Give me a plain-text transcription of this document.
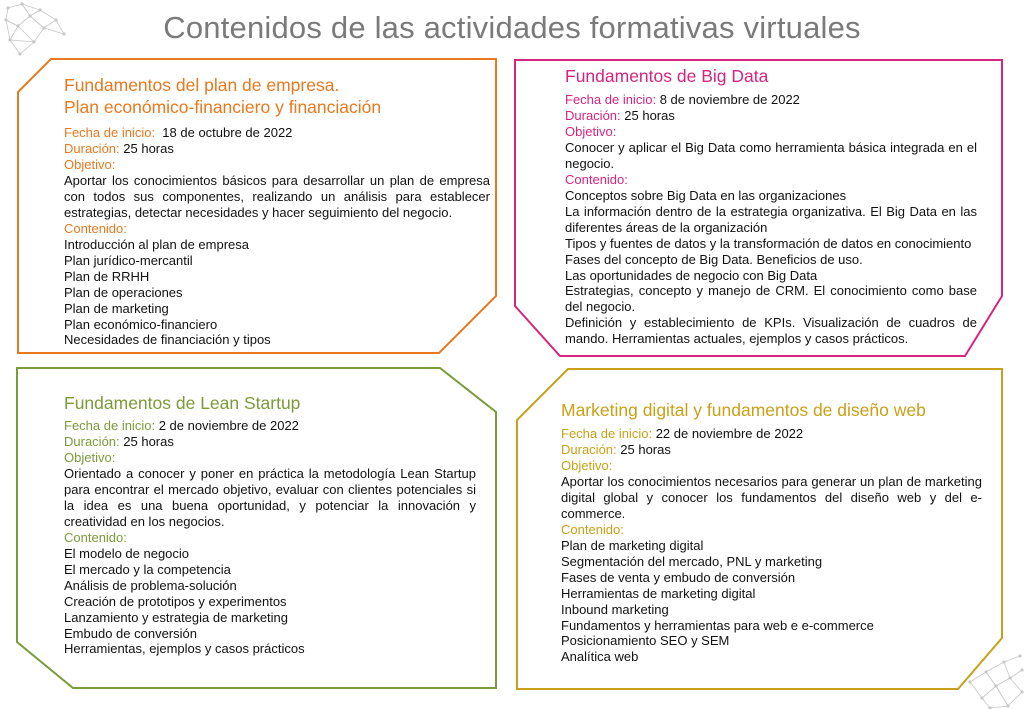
Contenidos de las actividades formativas virtuales
Fundamentos del plan de empresa.
Plan económico-financiero y financiación
Fecha de inicio: 18 de octubre de 2022
Duración: 25 horas
Objetivo:
Aportar los conocimientos básicos para desarrollar un plan de empresa con todos sus componentes, realizando un análisis para establecer estrategias, detectar necesidades y hacer seguimiento del negocio.
Contenido:
Introducción al plan de empresa
Plan jurídico-mercantil
Plan de RRHH
Plan de operaciones
Plan de marketing
Plan económico-financiero
Necesidades de financiación y tipos
Fundamentos de Big Data
Fecha de inicio: 8 de noviembre de 2022
Duración: 25 horas
Objetivo:
Conocer y aplicar el Big Data como herramienta básica integrada en el negocio.
Contenido:
Conceptos sobre Big Data en las organizaciones
La información dentro de la estrategia organizativa. El Big Data en las diferentes áreas de la organización
Tipos y fuentes de datos y la transformación de datos en conocimiento
Fases del concepto de Big Data. Beneficios de uso.
Las oportunidades de negocio con Big Data
Estrategias, concepto y manejo de CRM. El conocimiento como base del negocio.
Definición y establecimiento de KPIs. Visualización de cuadros de mando. Herramientas actuales, ejemplos y casos prácticos.
Fundamentos de Lean Startup
Fecha de inicio: 2 de noviembre de 2022
Duración: 25 horas
Objetivo:
Orientado a conocer y poner en práctica la metodología Lean Startup para encontrar el mercado objetivo, evaluar con clientes potenciales si la idea es una buena oportunidad, y potenciar la innovación y creatividad en los negocios.
Contenido:
El modelo de negocio
El mercado y la competencia
Análisis de problema-solución
Creación de prototipos y experimentos
Lanzamiento y estrategia de marketing
Embudo de conversión
Herramientas, ejemplos y casos prácticos
Marketing digital y fundamentos de diseño web
Fecha de inicio: 22 de noviembre de 2022
Duración: 25 horas
Objetivo:
Aportar los conocimientos necesarios para generar un plan de marketing digital global y conocer los fundamentos del diseño web y del e-commerce.
Contenido:
Plan de marketing digital
Segmentación del mercado, PNL y marketing
Fases de venta y embudo de conversión
Herramientas de marketing digital
Inbound marketing
Fundamentos y herramientas para web e e-commerce
Posicionamiento SEO y SEM
Analítica web
